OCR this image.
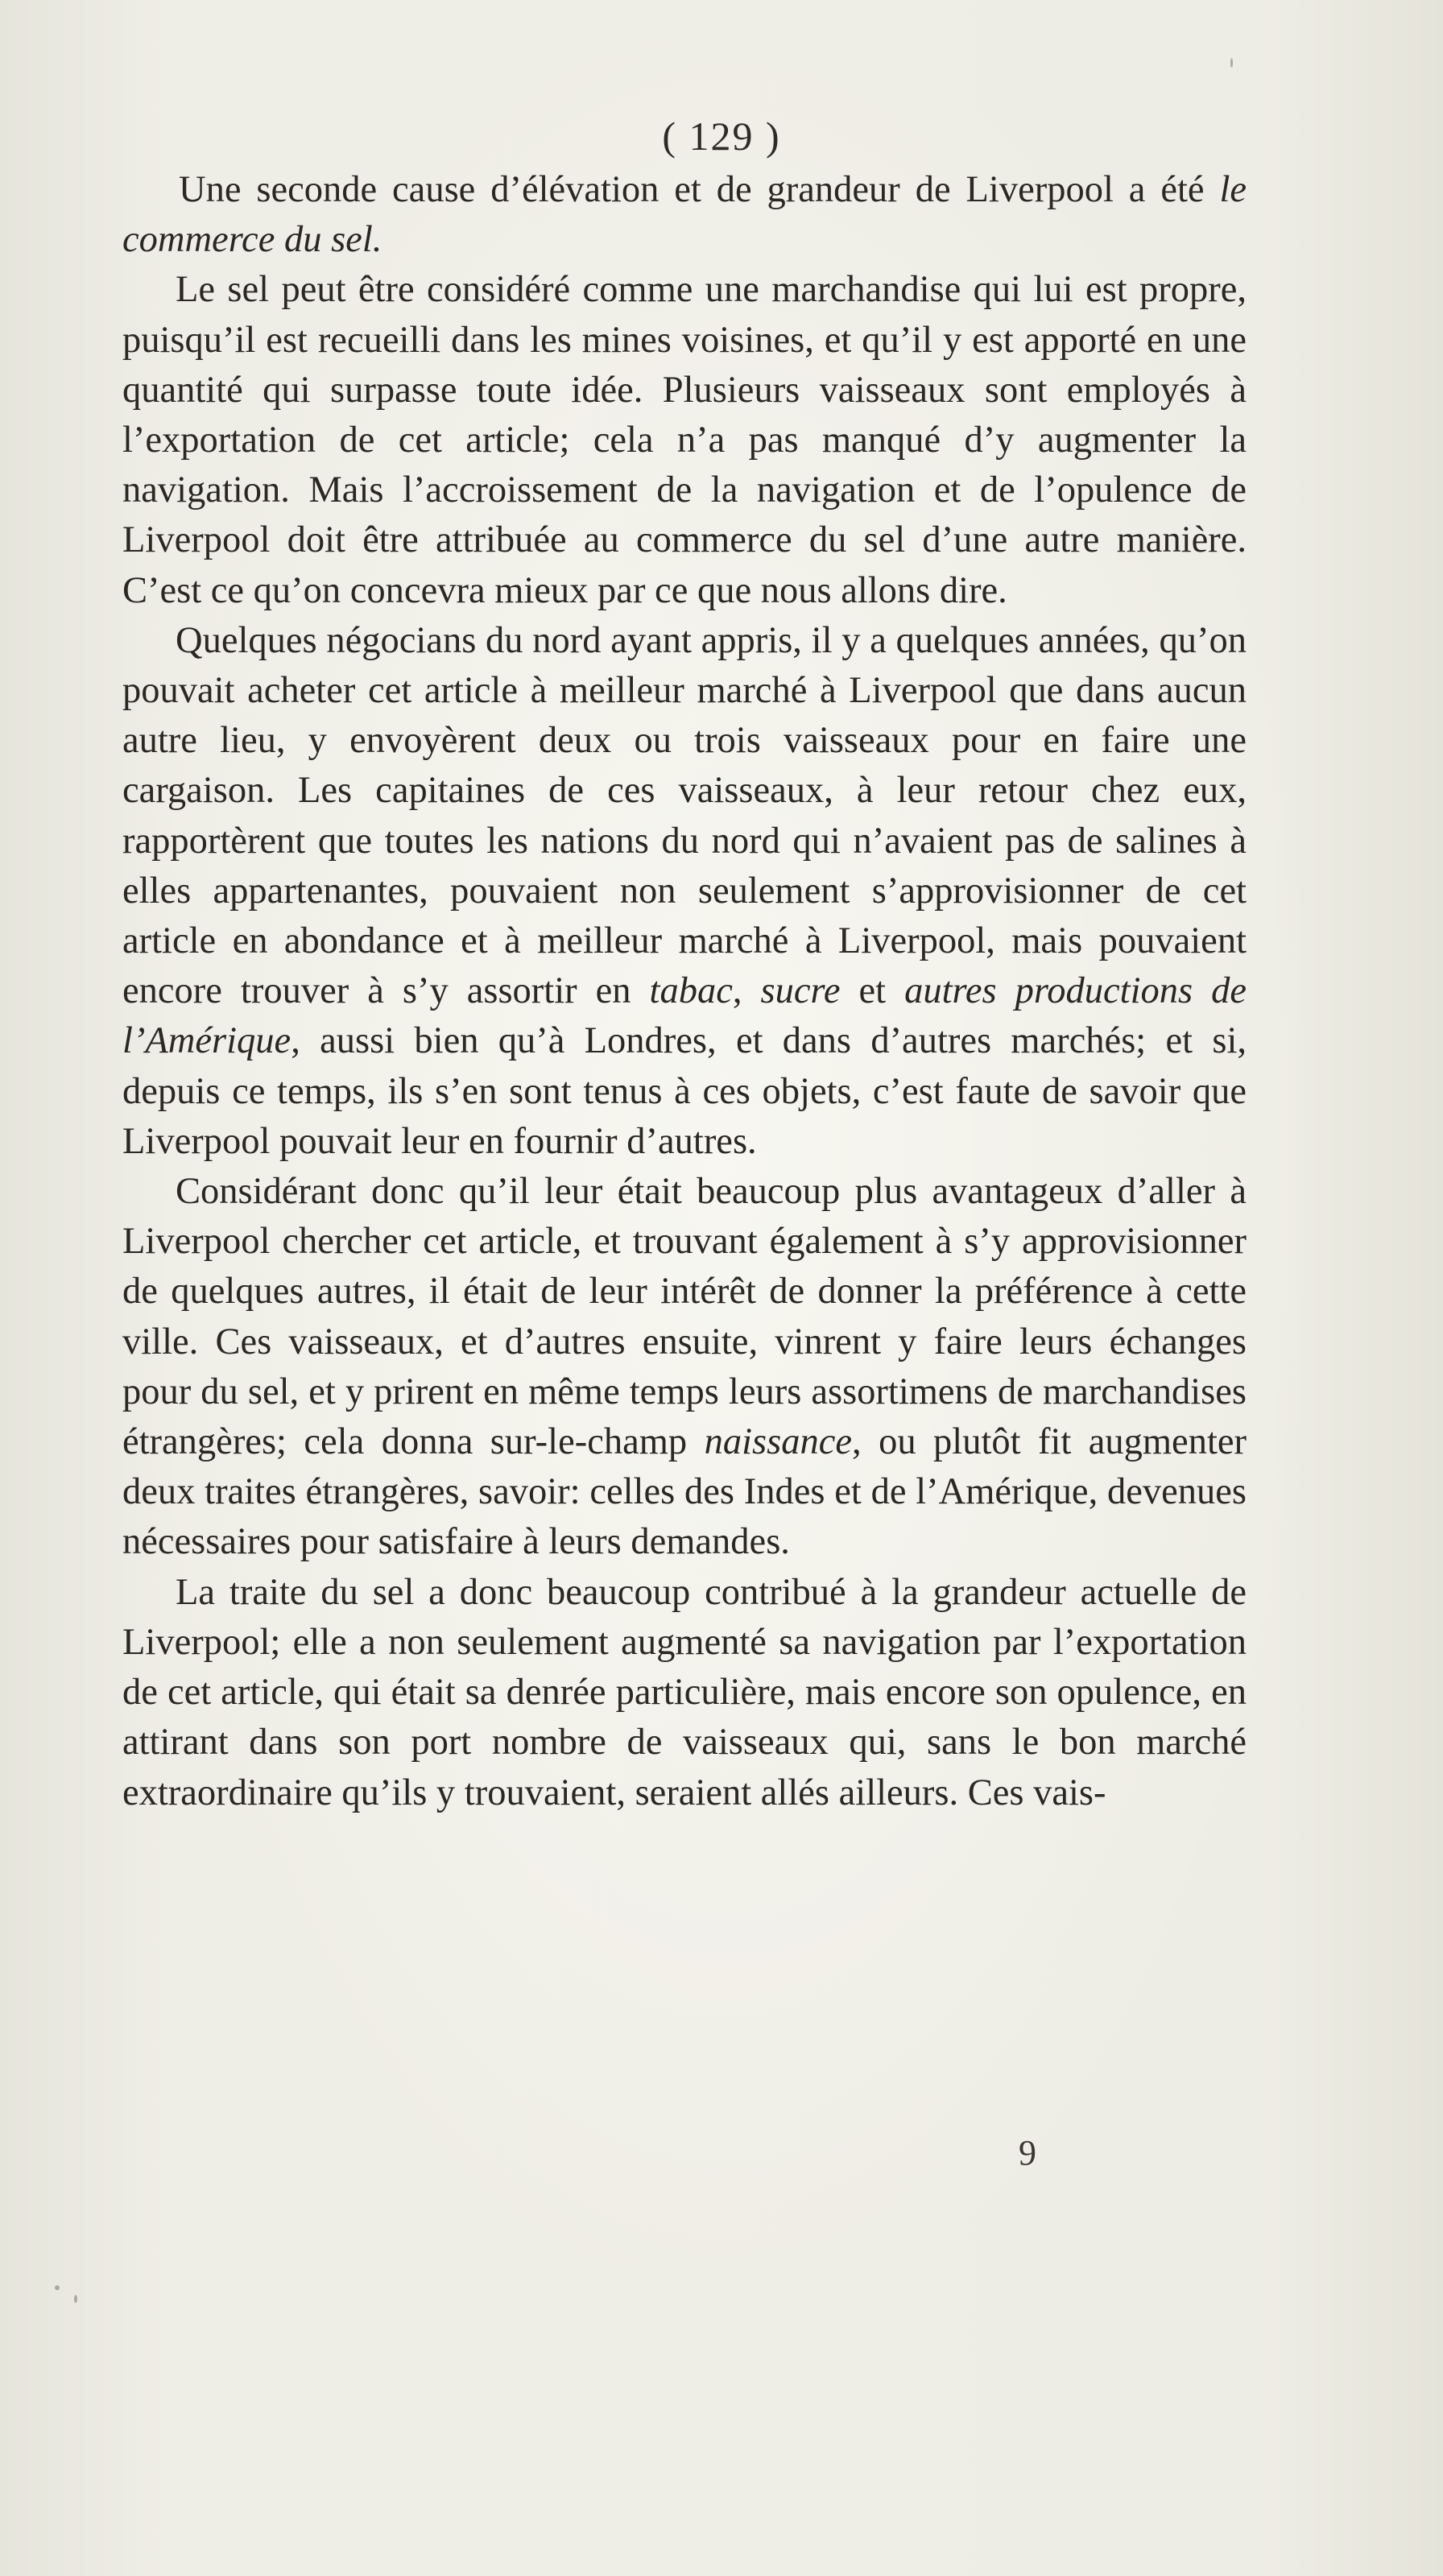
( 129 )

Une seconde cause d’élévation et de grandeur de Liverpool a été le commerce du sel.

Le sel peut être considéré comme une marchandise qui lui est propre, puisqu’il est recueilli dans les mines voisines, et qu’il y est apporté en une quantité qui surpasse toute idée. Plusieurs vaisseaux sont employés à l’exportation de cet article; cela n’a pas manqué d’y augmenter la navigation. Mais l’accroissement de la navigation et de l’opulence de Liverpool doit être attribuée au commerce du sel d’une autre manière. C’est ce qu’on concevra mieux par ce que nous allons dire.

Quelques négocians du nord ayant appris, il y a quelques années, qu’on pouvait acheter cet article à meilleur marché à Liverpool que dans aucun autre lieu, y envoyèrent deux ou trois vaisseaux pour en faire une cargaison. Les capitaines de ces vaisseaux, à leur retour chez eux, rapportèrent que toutes les nations du nord qui n’avaient pas de salines à elles appartenantes, pouvaient non seulement s’approvisionner de cet article en abondance et à meilleur marché à Liverpool, mais pouvaient encore trouver à s’y assortir en tabac, sucre et autres productions de l’Amérique, aussi bien qu’à Londres, et dans d’autres marchés; et si, depuis ce temps, ils s’en sont tenus à ces objets, c’est faute de savoir que Liverpool pouvait leur en fournir d’autres.

Considérant donc qu’il leur était beaucoup plus avantageux d’aller à Liverpool chercher cet article, et trouvant également à s’y approvisionner de quelques autres, il était de leur intérêt de donner la préférence à cette ville. Ces vaisseaux, et d’autres ensuite, vinrent y faire leurs échanges pour du sel, et y prirent en même temps leurs assortimens de marchandises étrangères; cela donna sur-le-champ naissance, ou plutôt fit augmenter deux traites étrangères, savoir: celles des Indes et de l’Amérique, devenues nécessaires pour satisfaire à leurs demandes.

La traite du sel a donc beaucoup contribué à la grandeur actuelle de Liverpool; elle a non seulement augmenté sa navigation par l’exportation de cet article, qui était sa denrée particulière, mais encore son opulence, en attirant dans son port nombre de vaisseaux qui, sans le bon marché extraordinaire qu’ils y trouvaient, seraient allés ailleurs. Ces vais-

9
